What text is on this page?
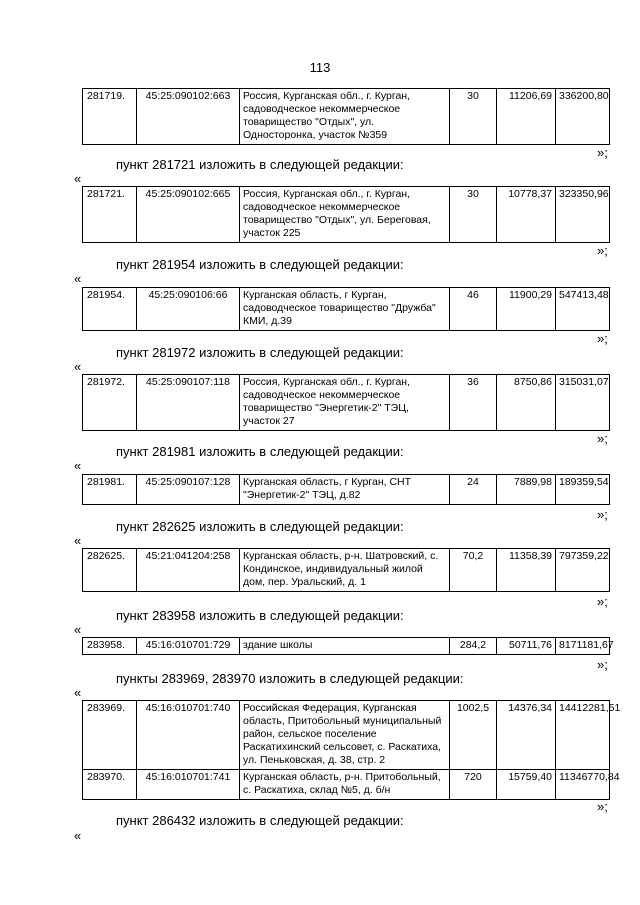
113
281719.	45:25:090102:663	Россия, Курганская обл., г. Курган, садоводческое некоммерческое товарищество "Отдых", ул. Односторонка, участок №359	30	11206,69	336200,80
»;
пункт 281721 изложить в следующей редакции:
«
281721.	45:25:090102:665	Россия, Курганская обл., г. Курган, садоводческое некоммерческое товарищество "Отдых", ул. Береговая, участок 225	30	10778,37	323350,96
»;
пункт 281954 изложить в следующей редакции:
«
281954.	45:25:090106:66	Курганская область, г Курган, садоводческое товарищество "Дружба" КМИ, д.39	46	11900,29	547413,48
»;
пункт 281972 изложить в следующей редакции:
«
281972.	45:25:090107:118	Россия, Курганская обл., г. Курган, садоводческое некоммерческое товарищество "Энергетик-2" ТЭЦ, участок 27	36	8750,86	315031,07
»;
пункт 281981 изложить в следующей редакции:
«
281981.	45:25:090107:128	Курганская область, г Курган, СНТ "Энергетик-2" ТЭЦ, д.82	24	7889,98	189359,54
»;
пункт 282625 изложить в следующей редакции:
«
282625.	45:21:041204:258	Курганская область, р-н. Шатровский, с. Кондинское, индивидуальный жилой дом, пер. Уральский, д. 1	70,2	11358,39	797359,22
»;
пункт 283958 изложить в следующей редакции:
«
283958.	45:16:010701:729	здание школы	284,2	50711,76	8171181,67
»;
пункты 283969, 283970 изложить в следующей редакции:
«
283969.	45:16:010701:740	Российская Федерация, Курганская область, Притобольный муниципальный район, сельское поселение Раскатихинский сельсовет, с. Раскатиха, ул. Пеньковская, д. 38, стр. 2	1002,5	14376,34	14412281,51
283970.	45:16:010701:741	Курганская область, р-н. Притобольный, с. Раскатиха, склад №5, д. б/н	720	15759,40	11346770,84
»;
пункт 286432 изложить в следующей редакции:
«
